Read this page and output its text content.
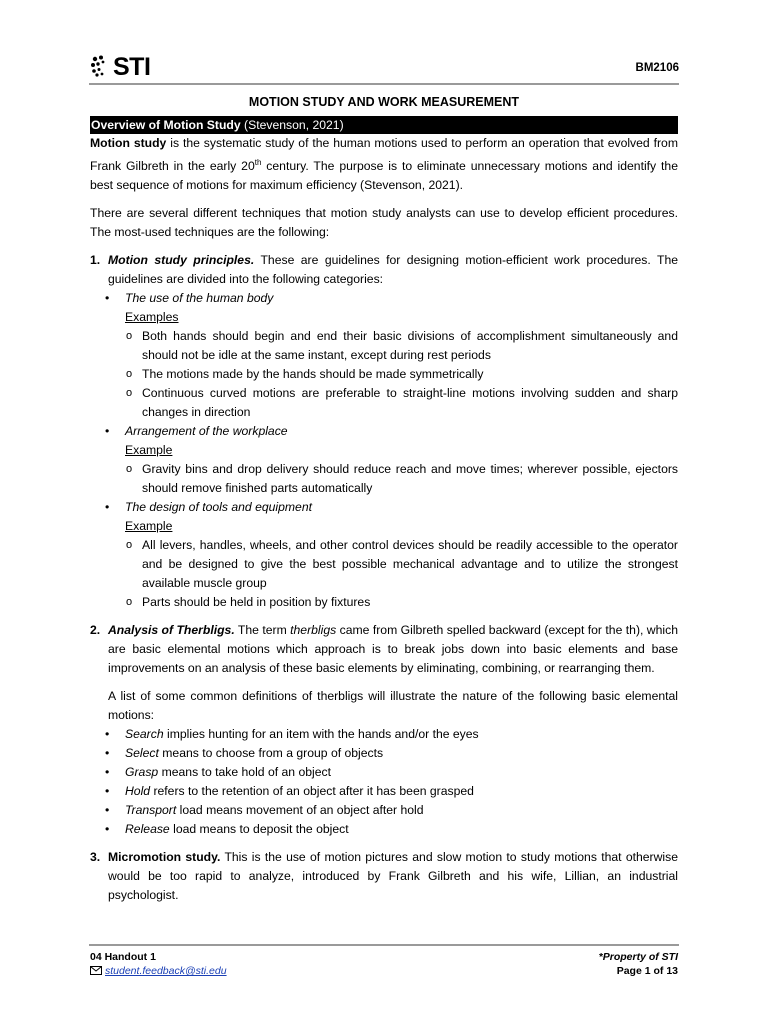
STI	BM2106
MOTION STUDY AND WORK MEASUREMENT
Overview of Motion Study (Stevenson, 2021)

Motion study is the systematic study of the human motions used to perform an operation that evolved from Frank Gilbreth in the early 20th century. The purpose is to eliminate unnecessary motions and identify the best sequence of motions for maximum efficiency (Stevenson, 2021).

There are several different techniques that motion study analysts can use to develop efficient procedures. The most-used techniques are the following:

1. Motion study principles. These are guidelines for designing motion-efficient work procedures. The guidelines are divided into the following categories:

• The use of the human body
Examples
o Both hands should begin and end their basic divisions of accomplishment simultaneously and should not be idle at the same instant, except during rest periods
o The motions made by the hands should be made symmetrically
o Continuous curved motions are preferable to straight-line motions involving sudden and sharp changes in direction
• Arrangement of the workplace
Example
o Gravity bins and drop delivery should reduce reach and move times; wherever possible, ejectors should remove finished parts automatically
• The design of tools and equipment
Example
o All levers, handles, wheels, and other control devices should be readily accessible to the operator and be designed to give the best possible mechanical advantage and to utilize the strongest available muscle group
o Parts should be held in position by fixtures
2. Analysis of Therbligs. The term therbligs came from Gilbreth spelled backward (except for the th), which are basic elemental motions which approach is to break jobs down into basic elements and base improvements on an analysis of these basic elements by eliminating, combining, or rearranging them.

A list of some common definitions of therbligs will illustrate the nature of the following basic elemental motions:

• Search implies hunting for an item with the hands and/or the eyes
• Select means to choose from a group of objects
• Grasp means to take hold of an object
• Hold refers to the retention of an object after it has been grasped
• Transport load means movement of an object after hold
• Release load means to deposit the object
3. Micromotion study. This is the use of motion pictures and slow motion to study motions that otherwise would be too rapid to analyze, introduced by Frank Gilbreth and his wife, Lillian, an industrial psychologist.

04 Handout 1
student.feedback@sti.edu
*Property of STI
Page 1 of 13
